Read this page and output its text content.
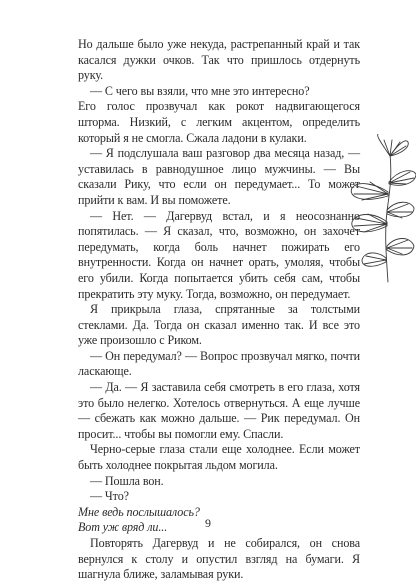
Но дальше было уже некуда, растрепанный край и так касался дужки очков. Так что пришлось отдернуть руку.

— С чего вы взяли, что мне это интересно?

Его голос прозвучал как рокот надвигающегося шторма. Низкий, с легким акцентом, определить который я не смогла. Сжала ладони в кулаки.

— Я подслушала ваш разговор два месяца назад, — уставилась в равнодушное лицо мужчины. — Вы сказали Рику, что если он передумает... То может прийти к вам. И вы поможете.

— Нет. — Дагервуд встал, и я неосознанно попятилась. — Я сказал, что, возможно, он захочет передумать, когда боль начнет пожирать его внутренности. Когда он начнет орать, умоляя, чтобы его убили. Когда попытается убить себя сам, чтобы прекратить эту муку. Тогда, возможно, он передумает.

Я прикрыла глаза, спрятанные за толстыми стеклами. Да. Тогда он сказал именно так. И все это уже произошло с Риком.

— Он передумал? — Вопрос прозвучал мягко, почти ласкающе.

— Да. — Я заставила себя смотреть в его глаза, хотя это было нелегко. Хотелось отвернуться. А еще лучше — сбежать как можно дальше. — Рик передумал. Он просит... чтобы вы помогли ему. Спасли.

Черно-серые глаза стали еще холоднее. Если может быть холоднее покрытая льдом могила.

— Пошла вон.

— Что?

Мне ведь послышалось?

Вот уж вряд ли...

Повторять Дагервуд и не собирался, он снова вернулся к столу и опустил взгляд на бумаги. Я шагнула ближе, заламывая руки.

9
